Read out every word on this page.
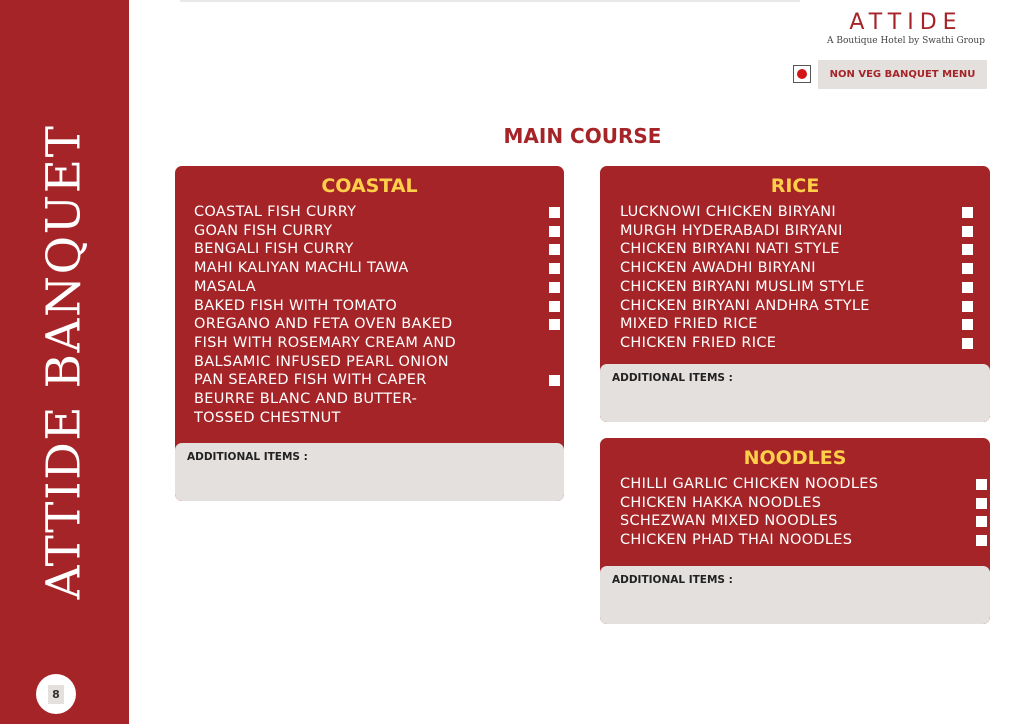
ATTIDE BANQUET
8
ATTIDE
A Boutique Hotel by Swathi Group
NON VEG BANQUET MENU
MAIN COURSE
COASTAL
COASTAL FISH CURRY
GOAN FISH CURRY
BENGALI FISH CURRY
MAHI KALIYAN MACHLI TAWA
MASALA
BAKED FISH WITH TOMATO
OREGANO AND FETA OVEN BAKED
FISH WITH ROSEMARY CREAM AND
BALSAMIC INFUSED PEARL ONION
PAN SEARED FISH WITH CAPER
BEURRE BLANC AND BUTTER-
TOSSED CHESTNUT
ADDITIONAL ITEMS :
RICE
LUCKNOWI CHICKEN BIRYANI
MURGH HYDERABADI BIRYANI
CHICKEN BIRYANI NATI STYLE
CHICKEN AWADHI BIRYANI
CHICKEN BIRYANI MUSLIM STYLE
CHICKEN BIRYANI ANDHRA STYLE
MIXED FRIED RICE
CHICKEN FRIED RICE
ADDITIONAL ITEMS :
NOODLES
CHILLI GARLIC CHICKEN NOODLES
CHICKEN HAKKA NOODLES
SCHEZWAN MIXED NOODLES
CHICKEN PHAD THAI NOODLES
ADDITIONAL ITEMS :
